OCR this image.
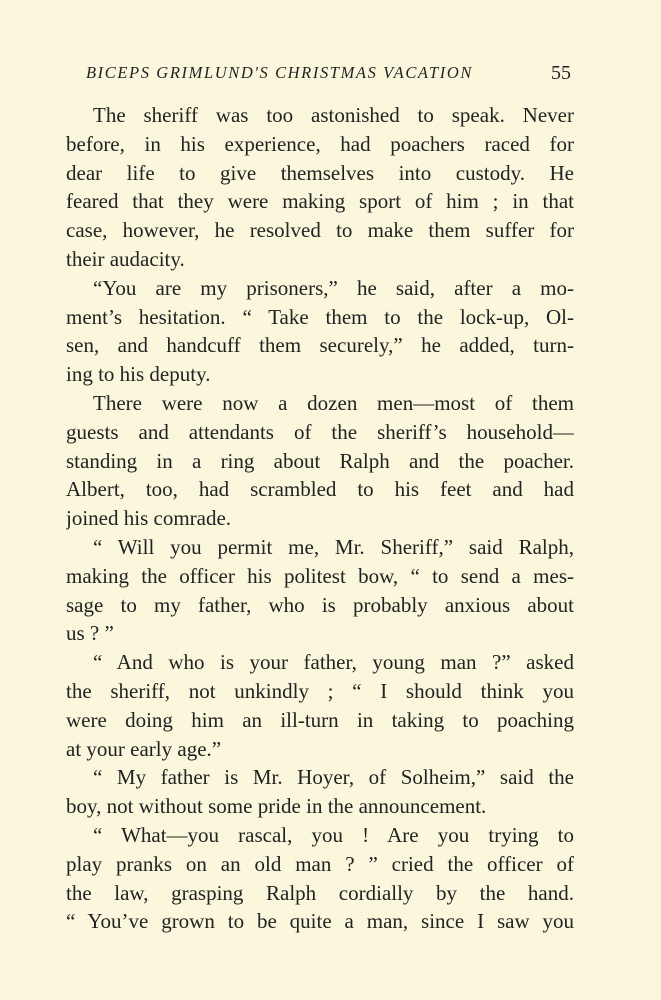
BICEPS GRIMLUND'S CHRISTMAS VACATION	55
The sheriff was too astonished to speak. Never
before, in his experience, had poachers raced for
dear life to give themselves into custody. He
feared that they were making sport of him ; in that
case, however, he resolved to make them suffer for
their audacity.
“You are my prisoners,” he said, after a mo-
ment’s hesitation. “ Take them to the lock-up, Ol-
sen, and handcuff them securely,” he added, turn-
ing to his deputy.
There were now a dozen men—most of them
guests and attendants of the sheriff’s household—
standing in a ring about Ralph and the poacher.
Albert, too, had scrambled to his feet and had
joined his comrade.
“ Will you permit me, Mr. Sheriff,” said Ralph,
making the officer his politest bow, “ to send a mes-
sage to my father, who is probably anxious about
us ? ”
“ And who is your father, young man ?” asked
the sheriff, not unkindly ; “ I should think you
were doing him an ill-turn in taking to poaching
at your early age.”
“ My father is Mr. Hoyer, of Solheim,” said the
boy, not without some pride in the announcement.
“ What—you rascal, you ! Are you trying to
play pranks on an old man ? ” cried the officer of
the law, grasping Ralph cordially by the hand.
“ You’ve grown to be quite a man, since I saw you
